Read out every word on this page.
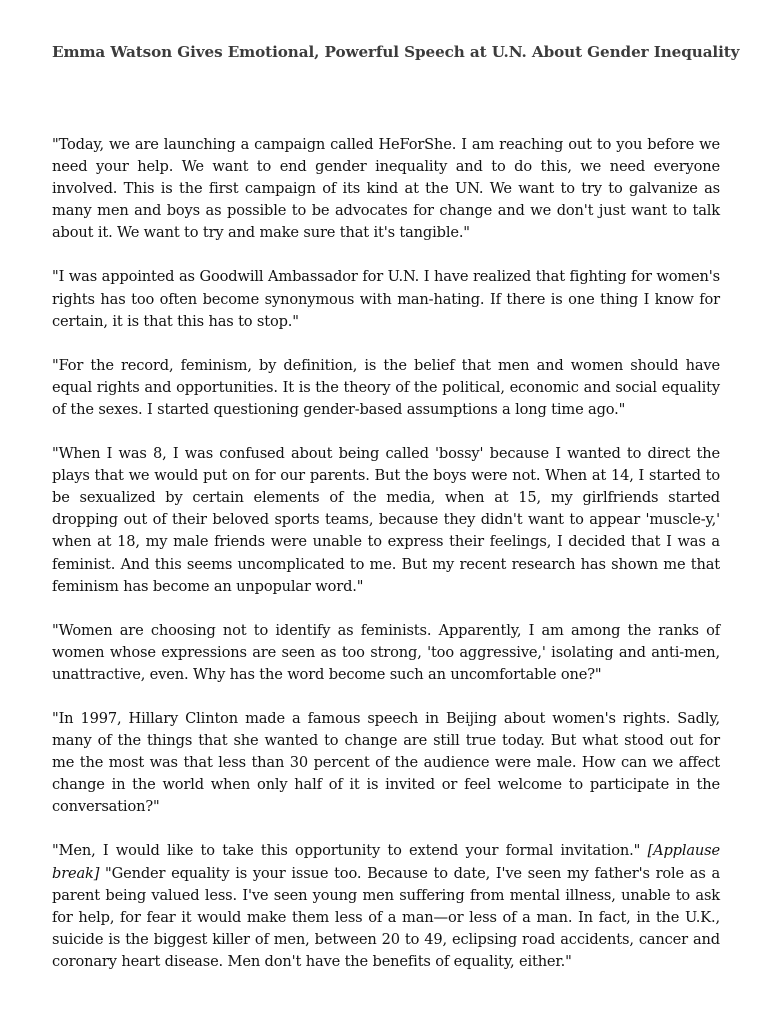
Emma Watson Gives Emotional, Powerful Speech at U.N. About Gender Inequality

"Today, we are launching a campaign called HeForShe. I am reaching out to you before we need your help. We want to end gender inequality and to do this, we need everyone involved. This is the first campaign of its kind at the UN. We want to try to galvanize as many men and boys as possible to be advocates for change and we don't just want to talk about it. We want to try and make sure that it's tangible."

"I was appointed as Goodwill Ambassador for U.N. I have realized that fighting for women's rights has too often become synonymous with man-hating. If there is one thing I know for certain, it is that this has to stop."

"For the record, feminism, by definition, is the belief that men and women should have equal rights and opportunities. It is the theory of the political, economic and social equality of the sexes. I started questioning gender-based assumptions a long time ago."

"When I was 8, I was confused about being called 'bossy' because I wanted to direct the plays that we would put on for our parents. But the boys were not. When at 14, I started to be sexualized by certain elements of the media, when at 15, my girlfriends started dropping out of their beloved sports teams, because they didn't want to appear 'muscle-y,' when at 18, my male friends were unable to express their feelings, I decided that I was a feminist. And this seems uncomplicated to me. But my recent research has shown me that feminism has become an unpopular word."

"Women are choosing not to identify as feminists. Apparently, I am among the ranks of women whose expressions are seen as too strong, 'too aggressive,' isolating and anti-men, unattractive, even. Why has the word become such an uncomfortable one?"

"In 1997, Hillary Clinton made a famous speech in Beijing about women's rights. Sadly, many of the things that she wanted to change are still true today. But what stood out for me the most was that less than 30 percent of the audience were male. How can we affect change in the world when only half of it is invited or feel welcome to participate in the conversation?"

"Men, I would like to take this opportunity to extend your formal invitation." [Applause break] "Gender equality is your issue too. Because to date, I've seen my father's role as a parent being valued less. I've seen young men suffering from mental illness, unable to ask for help, for fear it would make them less of a man—or less of a man. In fact, in the U.K., suicide is the biggest killer of men, between 20 to 49, eclipsing road accidents, cancer and coronary heart disease. Men don't have the benefits of equality, either."
